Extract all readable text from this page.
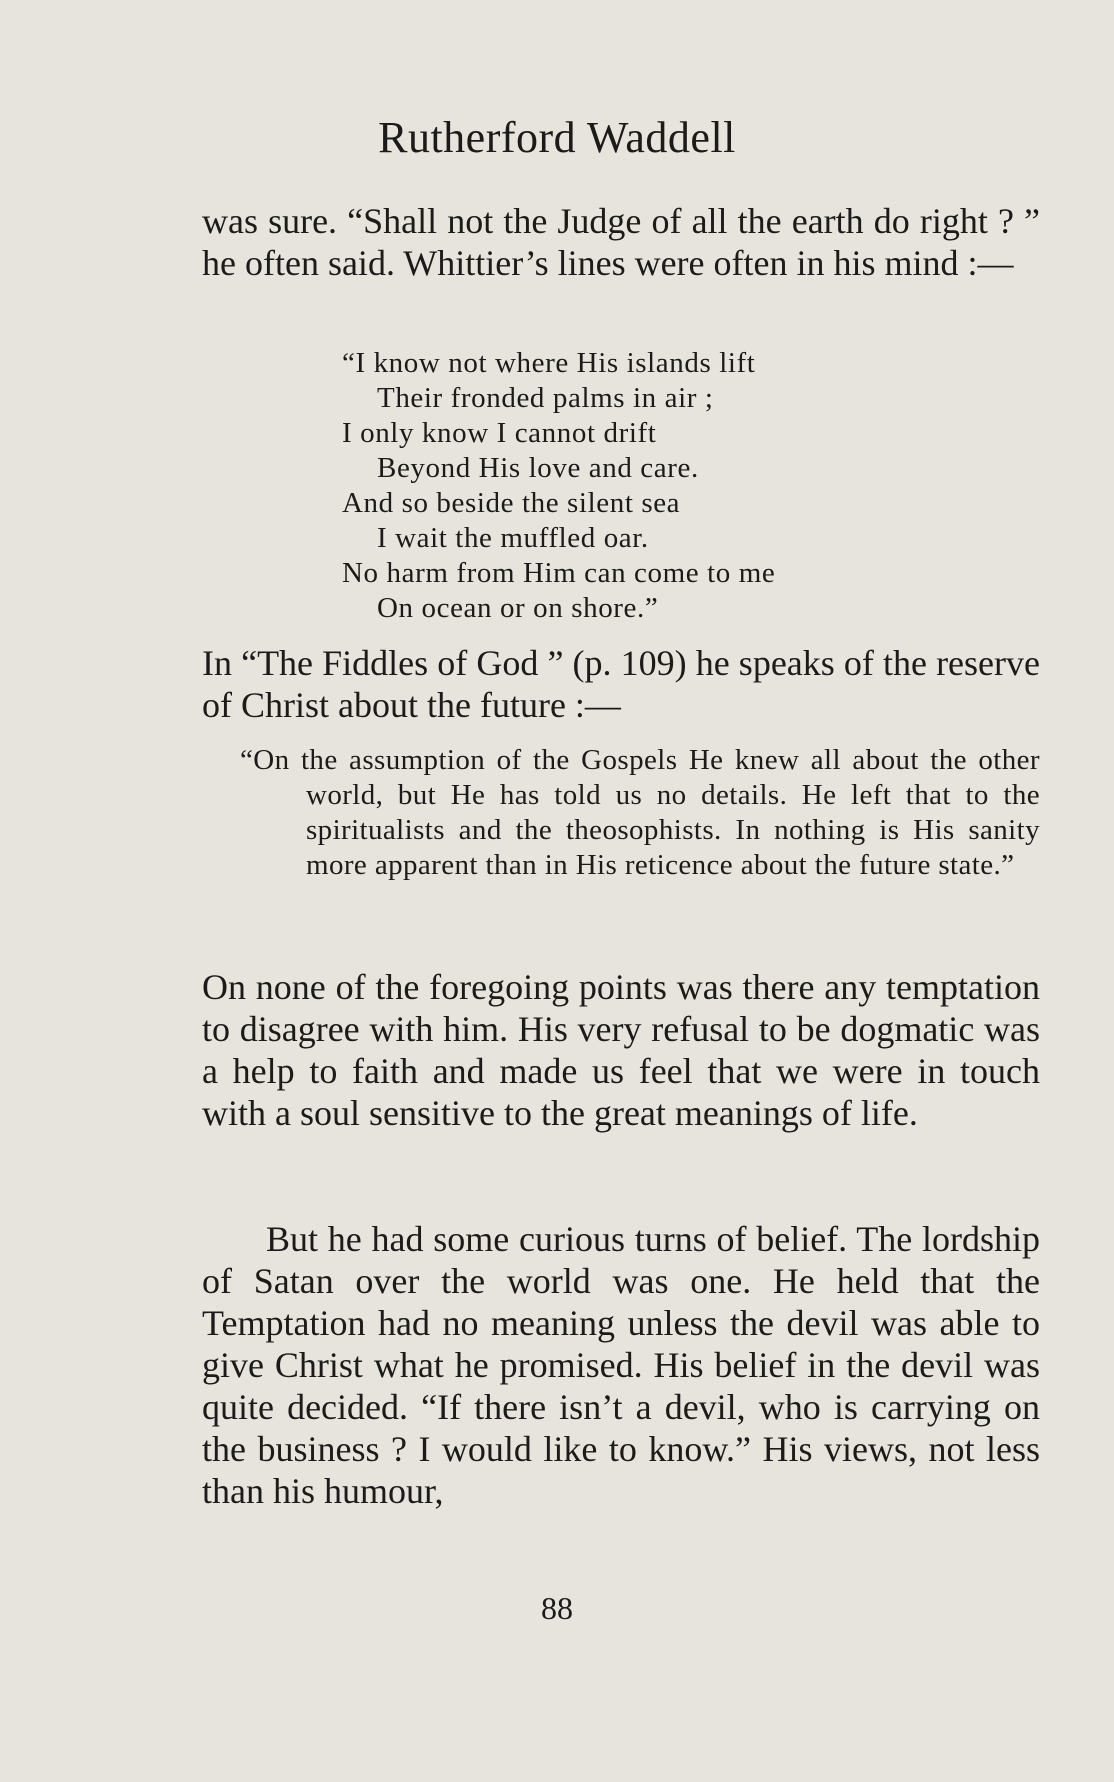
Rutherford Waddell

was sure. “Shall not the Judge of all the earth do right ? ” he often said. Whittier’s lines were often in his mind :—

“I know not where His islands lift
Their fronded palms in air ;
I only know I cannot drift
Beyond His love and care.
And so beside the silent sea
I wait the muffled oar.
No harm from Him can come to me
On ocean or on shore.”

In “The Fiddles of God ” (p. 109) he speaks of the reserve of Christ about the future :—

“On the assumption of the Gospels He knew all about the other world, but He has told us no details. He left that to the spiritualists and the theosophists. In nothing is His sanity more apparent than in His reticence about the future state.”

On none of the foregoing points was there any temptation to disagree with him. His very refusal to be dogmatic was a help to faith and made us feel that we were in touch with a soul sensitive to the great meanings of life.

But he had some curious turns of belief. The lordship of Satan over the world was one. He held that the Temptation had no meaning unless the devil was able to give Christ what he promised. His belief in the devil was quite decided. “If there isn’t a devil, who is carrying on the business ? I would like to know.” His views, not less than his humour,

88
